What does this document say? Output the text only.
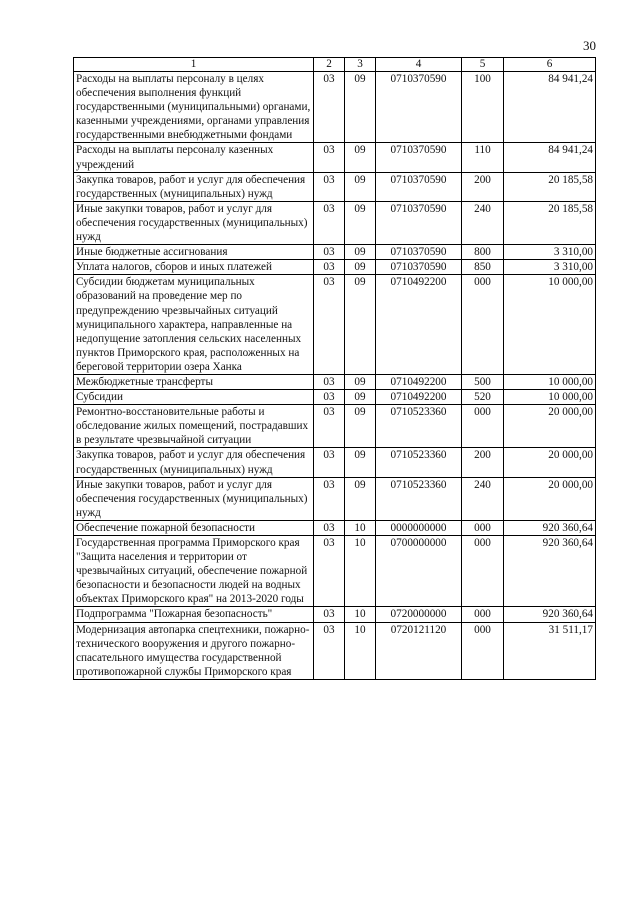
30
1	2	3	4	5	6
Расходы на выплаты персоналу в целях обеспечения выполнения функций государственными (муниципальными) органами, казенными учреждениями, органами управления государственными внебюджетными фондами	03	09	0710370590	100	84 941,24
Расходы на выплаты персоналу казенных учреждений	03	09	0710370590	110	84 941,24
Закупка товаров, работ и услуг для обеспечения государственных (муниципальных) нужд	03	09	0710370590	200	20 185,58
Иные закупки товаров, работ и услуг для обеспечения государственных (муниципальных) нужд	03	09	0710370590	240	20 185,58
Иные бюджетные ассигнования	03	09	0710370590	800	3 310,00
Уплата налогов, сборов и иных платежей	03	09	0710370590	850	3 310,00
Субсидии бюджетам муниципальных образований на проведение мер по предупреждению чрезвычайных ситуаций муниципального характера, направленные на недопущение затопления сельских населенных пунктов Приморского края, расположенных на береговой территории озера Ханка	03	09	0710492200	000	10 000,00
Межбюджетные трансферты	03	09	0710492200	500	10 000,00
Субсидии	03	09	0710492200	520	10 000,00
Ремонтно-восстановительные работы и обследование жилых помещений, пострадавших в результате чрезвычайной ситуации	03	09	0710523360	000	20 000,00
Закупка товаров, работ и услуг для обеспечения государственных (муниципальных) нужд	03	09	0710523360	200	20 000,00
Иные закупки товаров, работ и услуг для обеспечения государственных (муниципальных) нужд	03	09	0710523360	240	20 000,00
Обеспечение пожарной безопасности	03	10	0000000000	000	920 360,64
Государственная программа Приморского края "Защита населения и территории от чрезвычайных ситуаций, обеспечение пожарной безопасности и безопасности людей на водных объектах Приморского края" на 2013-2020 годы	03	10	0700000000	000	920 360,64
Подпрограмма "Пожарная безопасность"	03	10	0720000000	000	920 360,64
Модернизация автопарка спецтехники, пожарно-технического вооружения и другого пожарно-спасательного имущества государственной противопожарной службы Приморского края	03	10	0720121120	000	31 511,17
